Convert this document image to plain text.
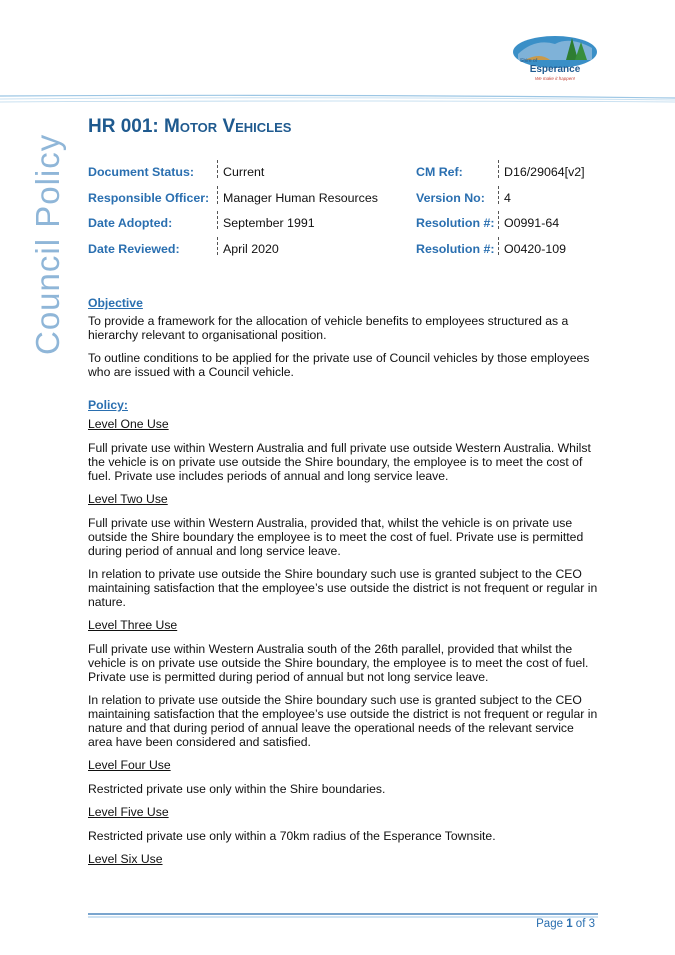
Shire of
Esperance
We make it happen!
Council Policy
HR 001: Motor Vehicles
Document Status:
Responsible Officer:
Date Adopted:
Date Reviewed:
Current
Manager Human Resources
September 1991
April 2020
CM Ref:
Version No:
Resolution #:
Resolution #:
D16/29064[v2]
4
O0991-64
O0420-109
Objective

To provide a framework for the allocation of vehicle benefits to employees structured as a hierarchy relevant to organisational position.

To outline conditions to be applied for the private use of Council vehicles by those employees who are issued with a Council vehicle.

Policy:
Level One Use

Full private use within Western Australia and full private use outside Western Australia. Whilst the vehicle is on private use outside the Shire boundary, the employee is to meet the cost of fuel. Private use includes periods of annual and long service leave.

Level Two Use

Full private use within Western Australia, provided that, whilst the vehicle is on private use outside the Shire boundary the employee is to meet the cost of fuel. Private use is permitted during period of annual and long service leave.

In relation to private use outside the Shire boundary such use is granted subject to the CEO maintaining satisfaction that the employee’s use outside the district is not frequent or regular in nature.

Level Three Use

Full private use within Western Australia south of the 26th parallel, provided that whilst the vehicle is on private use outside the Shire boundary, the employee is to meet the cost of fuel. Private use is permitted during period of annual but not long service leave.

In relation to private use outside the Shire boundary such use is granted subject to the CEO maintaining satisfaction that the employee’s use outside the district is not frequent or regular in nature and that during period of annual leave the operational needs of the relevant service area have been considered and satisfied.

Level Four Use

Restricted private use only within the Shire boundaries.

Level Five Use

Restricted private use only within a 70km radius of the Esperance Townsite.

Level Six Use
Page 1 of 3
